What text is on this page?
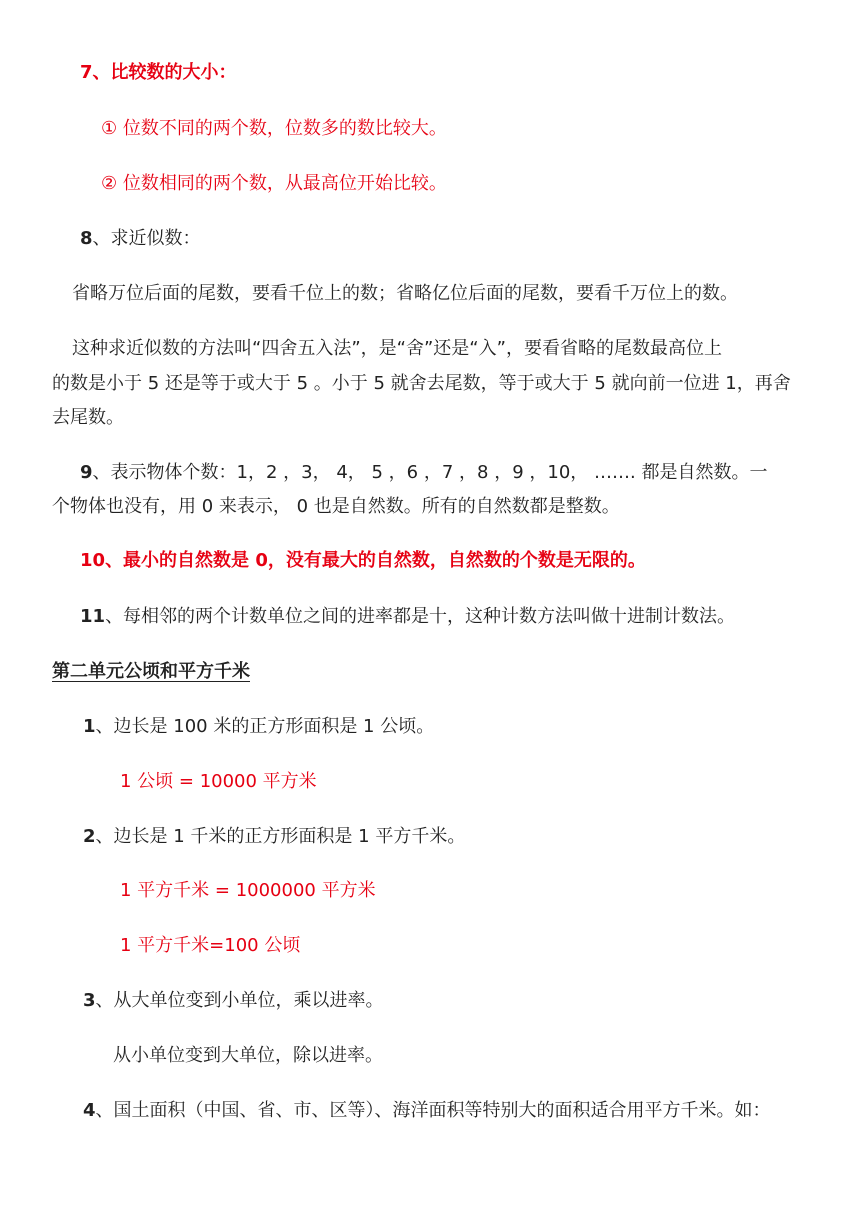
7、比较数的大小：
① 位数不同的两个数，位数多的数比较大。
② 位数相同的两个数，从最高位开始比较。
8、求近似数：
省略万位后面的尾数，要看千位上的数；省略亿位后面的尾数，要看千万位上的数。
这种求近似数的方法叫“四舍五入法”，是“舍”还是“入”，要看省略的尾数最高位上
的数是小于 5 还是等于或大于 5 。小于 5 就舍去尾数，等于或大于 5 就向前一位进 1，再舍
去尾数。
9、表示物体个数：1，2 ，3， 4， 5 ，6 ，7 ，8 ，9 ，10， ……. 都是自然数。一
个物体也没有，用 0 来表示， 0 也是自然数。所有的自然数都是整数。
10、最小的自然数是 0，没有最大的自然数，自然数的个数是无限的。
11、每相邻的两个计数单位之间的进率都是十，这种计数方法叫做十进制计数法。
第二单元公顷和平方千米
1、边长是 100 米的正方形面积是 1 公顷。
1 公顷 = 10000 平方米
2、边长是 1 千米的正方形面积是 1 平方千米。
1 平方千米 = 1000000 平方米
1 平方千米=100 公顷
3、从大单位变到小单位，乘以进率。
从小单位变到大单位，除以进率。
4、国土面积（中国、省、市、区等）、海洋面积等特别大的面积适合用平方千米。如：
